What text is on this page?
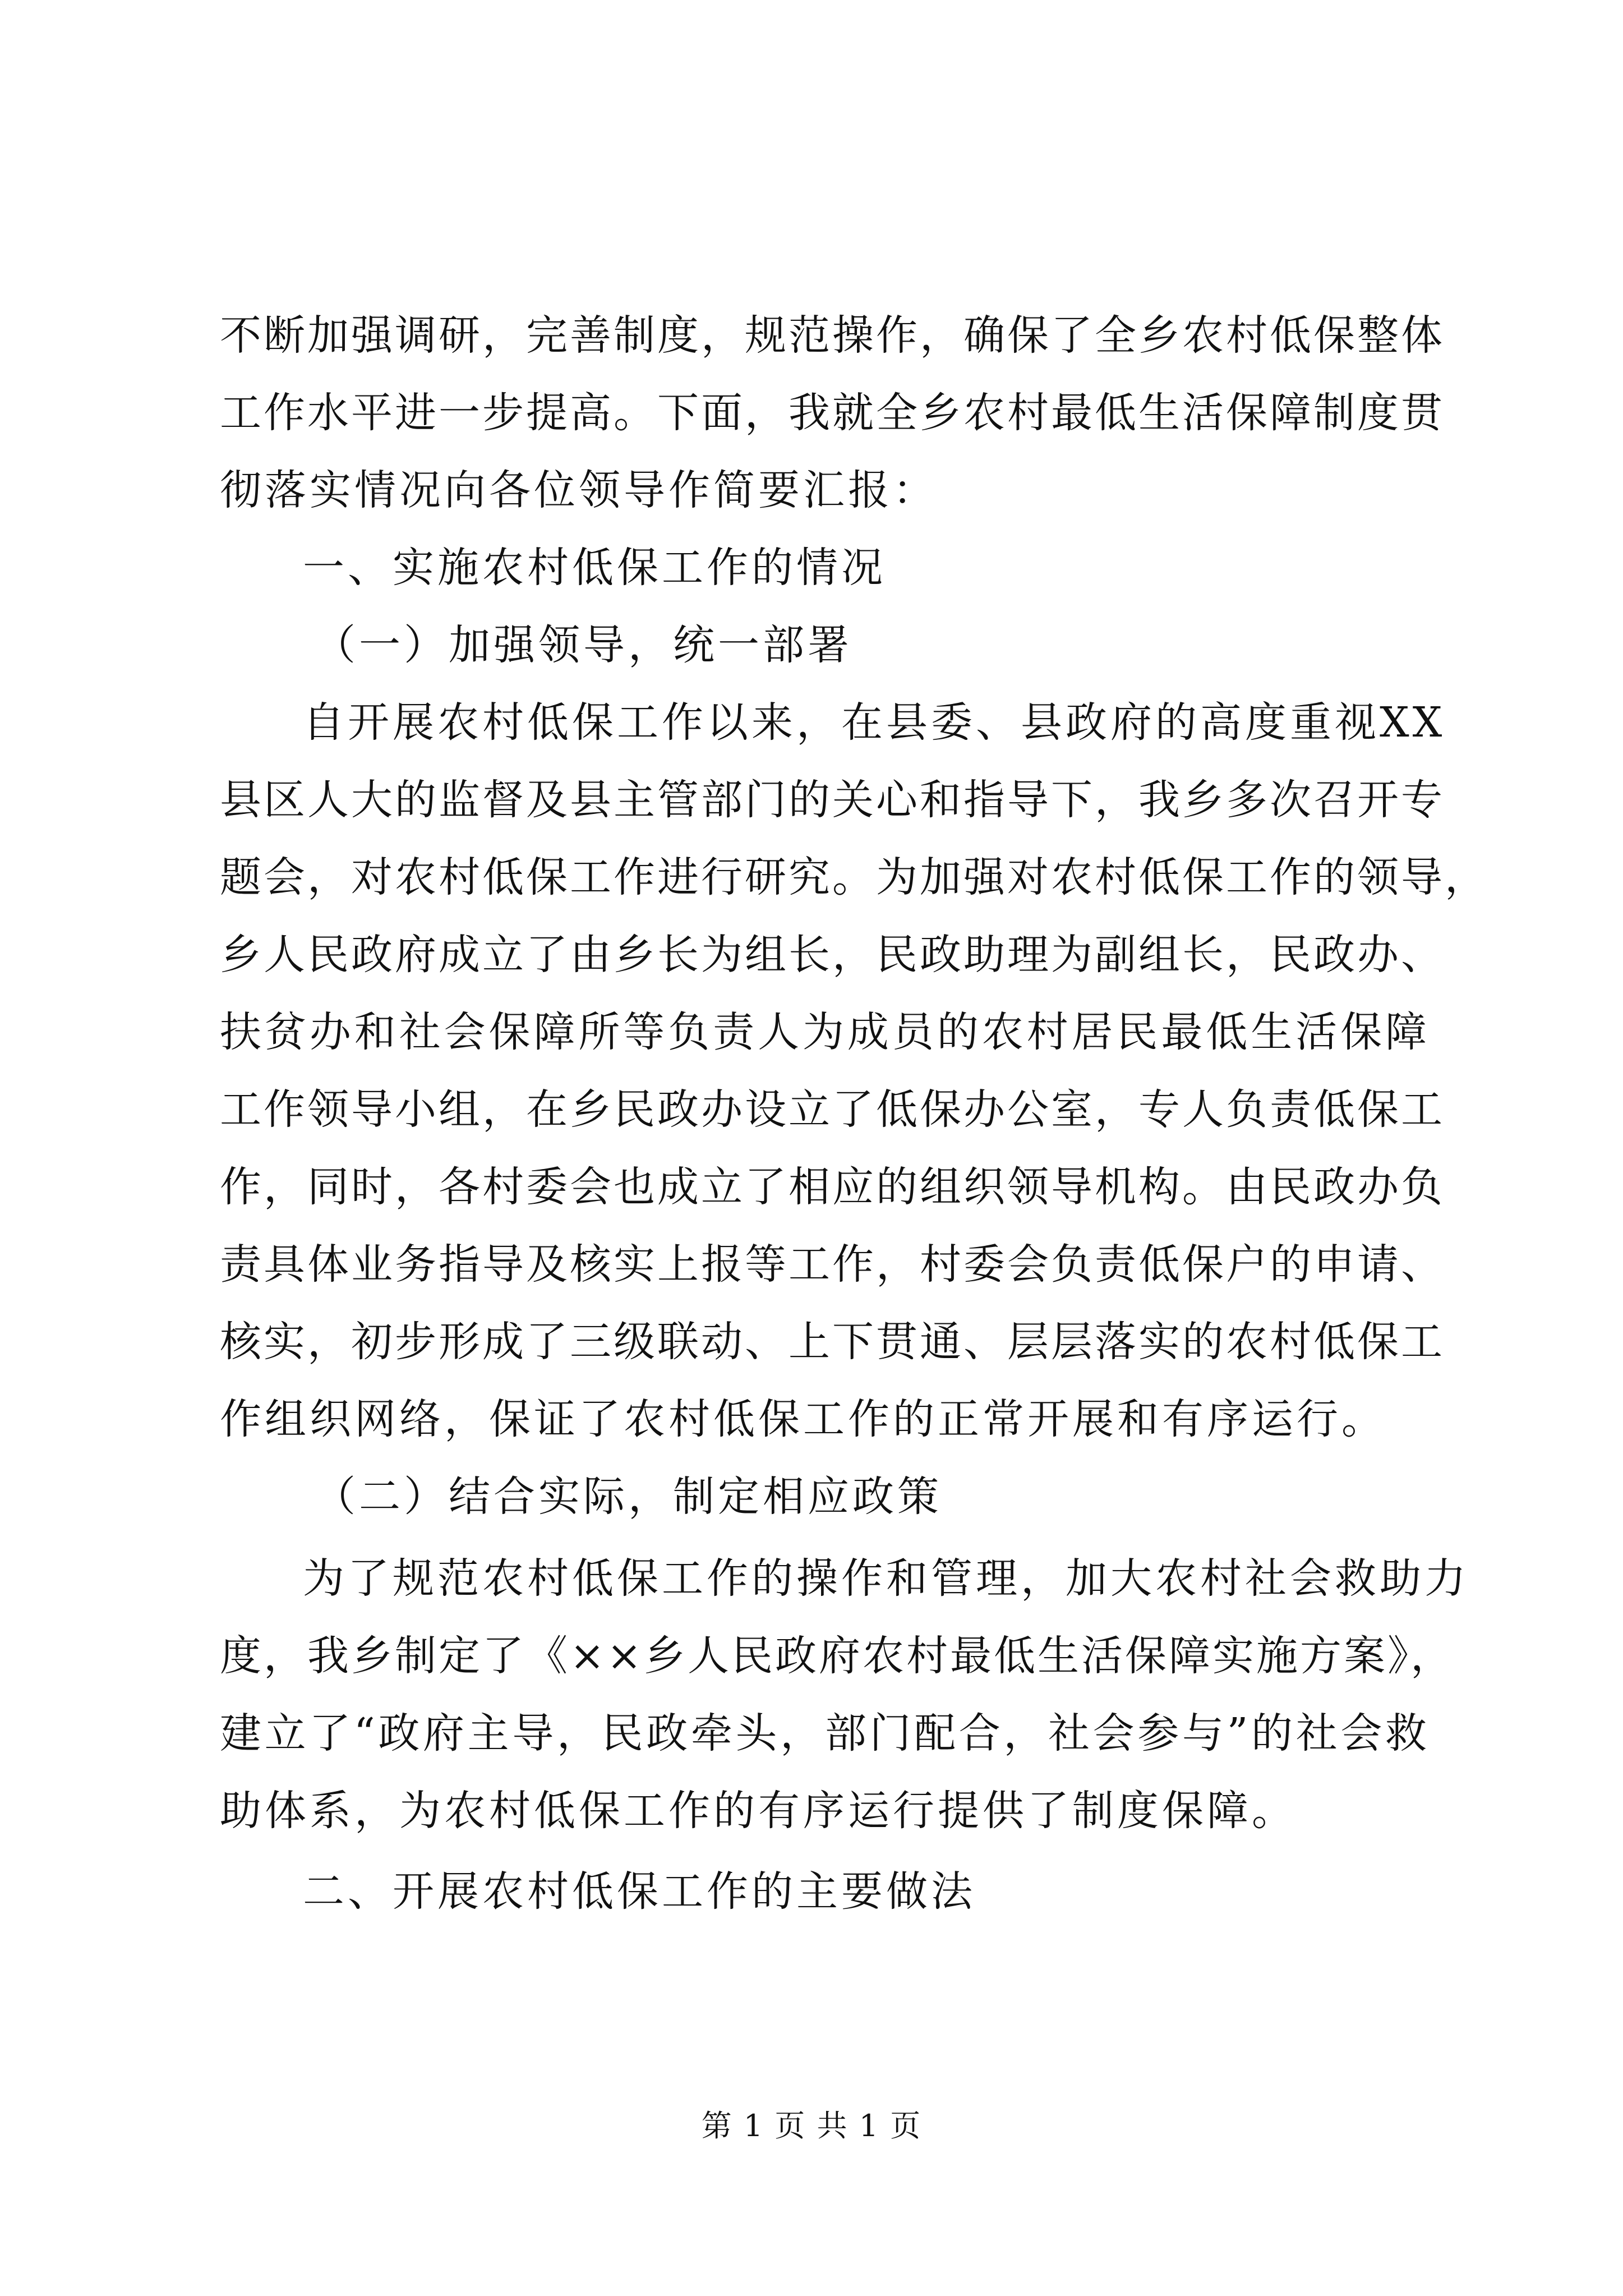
不断加强调研，完善制度，规范操作，确保了全乡农村低保整体
工作水平进一步提高。下面，我就全乡农村最低生活保障制度贯
彻落实情况向各位领导作简要汇报：
一、实施农村低保工作的情况
（一）加强领导，统一部署
自开展农村低保工作以来，在县委、县政府的高度重视XX
县区人大的监督及县主管部门的关心和指导下，我乡多次召开专
题会，对农村低保工作进行研究。为加强对农村低保工作的领导，
乡人民政府成立了由乡长为组长，民政助理为副组长，民政办、
扶贫办和社会保障所等负责人为成员的农村居民最低生活保障
工作领导小组，在乡民政办设立了低保办公室，专人负责低保工
作，同时，各村委会也成立了相应的组织领导机构。由民政办负
责具体业务指导及核实上报等工作，村委会负责低保户的申请、
核实，初步形成了三级联动、上下贯通、层层落实的农村低保工
作组织网络，保证了农村低保工作的正常开展和有序运行。
（二）结合实际，制定相应政策
为了规范农村低保工作的操作和管理，加大农村社会救助力
度，我乡制定了《××乡人民政府农村最低生活保障实施方案》，
建立了“政府主导，民政牵头，部门配合，社会参与”的社会救
助体系，为农村低保工作的有序运行提供了制度保障。
二、开展农村低保工作的主要做法
第 1 页 共 1 页
